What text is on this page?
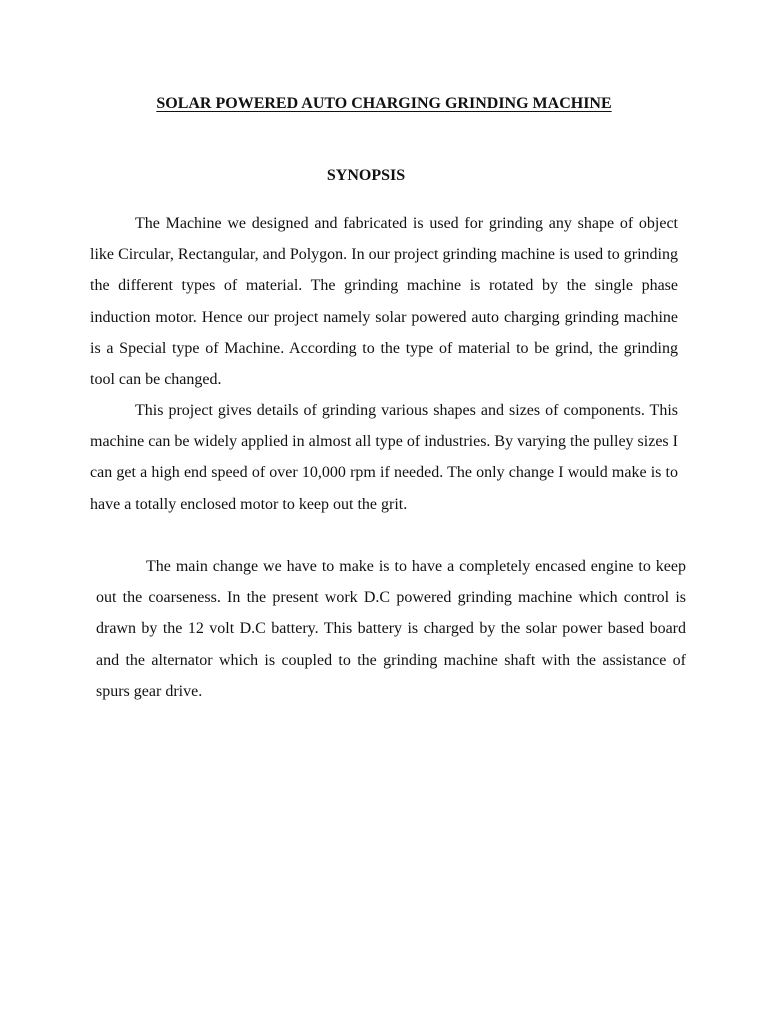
SOLAR POWERED AUTO CHARGING GRINDING MACHINE
SYNOPSIS

The Machine we designed and fabricated is used for grinding any shape of object like Circular, Rectangular, and Polygon. In our project grinding machine is used to grinding the different types of material. The grinding machine is rotated by the single phase induction motor. Hence our project namely solar powered auto charging grinding machine is a Special type of Machine. According to the type of material to be grind, the grinding tool can be changed.

This project gives details of grinding various shapes and sizes of components. This machine can be widely applied in almost all type of industries. By varying the pulley sizes I can get a high end speed of over 10,000 rpm if needed. The only change I would make is to have a totally enclosed motor to keep out the grit.

The main change we have to make is to have a completely encased engine to keep out the coarseness. In the present work D.C powered grinding machine which control is drawn by the 12 volt D.C battery. This battery is charged by the solar power based board and the alternator which is coupled to the grinding machine shaft with the assistance of spurs gear drive.
